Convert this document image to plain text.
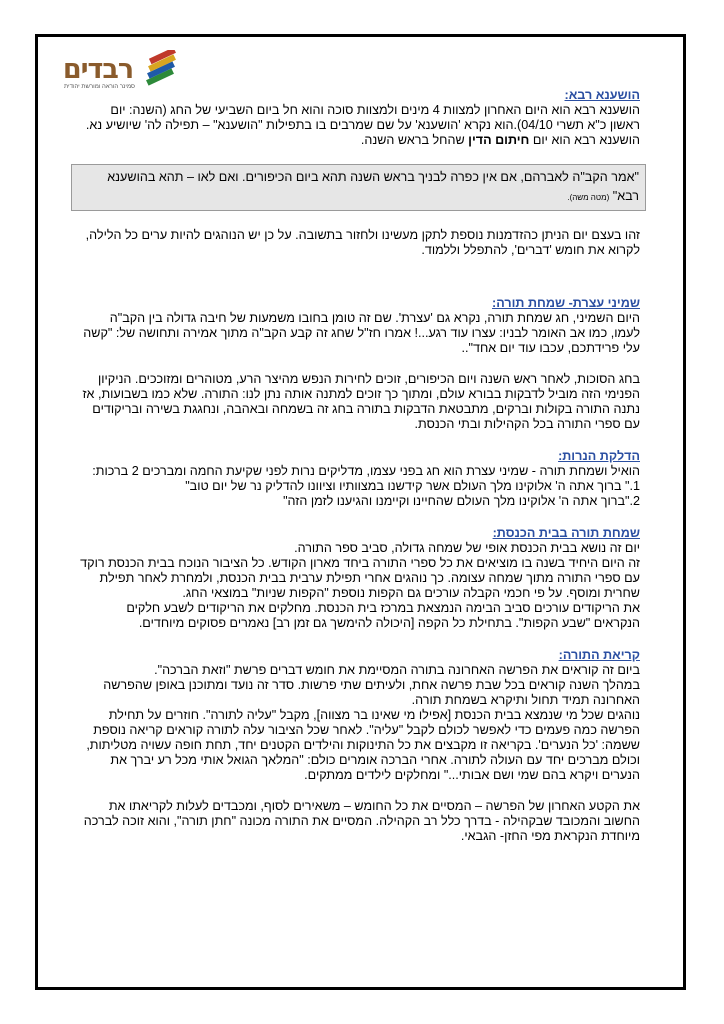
רבדים
סמינר הוראה ומורשת יהודית
הושענא רבא:

הושענא רבא הוא היום האחרון למצוות 4 מינים ולמצוות סוכה והוא חל ביום השביעי של החג (השנה: יום ראשון כ"א תשרי 04/10).הוא נקרא 'הושענא' על שם שמרבים בו בתפילות "הושענא" – תפילה לה' שיושיע נא. הושענא רבא הוא יום חיתום הדין שהחל בראש השנה.

"אמר הקב"ה לאברהם, אם אין כפרה לבניך בראש השנה תהא ביום הכיפורים. ואם לאו – תהא בהושענא רבא" (מטה משה).

זהו בעצם יום הניתן כהזדמנות נוספת לתקן מעשינו ולחזור בתשובה. על כן יש הנוהגים להיות ערים כל הלילה, לקרוא את חומש 'דברים', להתפלל וללמוד.

שמיני עצרת- שמחת תורה:

היום השמיני, חג שמחת תורה, נקרא גם 'עצרת'. שם זה טומן בחובו משמעות של חיבה גדולה בין הקב"ה לעמו, כמו אב האומר לבניו: עצרו עוד רגע...! אמרו חז"ל שחג זה קבע הקב"ה מתוך אמירה ותחושה של: "קשה עלי פרידתכם, עכבו עוד יום אחד"..

בחג הסוכות, לאחר ראש השנה ויום הכיפורים, זוכים לחירות הנפש מהיצר הרע, מטוהרים ומזוככים. הניקיון הפנימי הזה מוביל לדבקות בבורא עולם, ומתוך כך זוכים למתנה אותה נתן לנו: התורה. שלא כמו בשבועות, אז נתנה התורה בקולות וברקים, מתבטאת הדבקות בתורה בחג זה בשמחה ובאהבה, ונחגגת בשירה ובריקודים עם ספרי התורה בכל הקהילות ובתי הכנסת.

הדלקת הנרות:

הואיל ושמחת תורה - שמיני עצרת הוא חג בפני עצמו, מדליקים נרות לפני שקיעת החמה ומברכים 2 ברכות:

1." ברוך אתה ה' אלוקינו מלך העולם אשר קידשנו במצוותיו וציוונו להדליק נר של יום טוב"

2."ברוך אתה ה' אלוקינו מלך העולם שהחיינו וקיימנו והגיענו לזמן הזה"

שמחת תורה בבית הכנסת:

יום זה נושא בבית הכנסת אופי של שמחה גדולה, סביב ספר התורה.

זה היום היחיד בשנה בו מוציאים את כל ספרי התורה ביחד מארון הקודש. כל הציבור הנוכח בבית הכנסת רוקד עם ספרי התורה מתוך שמחה עצומה. כך נוהגים אחרי תפילת ערבית בבית הכנסת, ולמחרת לאחר תפילת שחרית ומוסף. על פי חכמי הקבלה עורכים גם הקפות נוספת "הקפות שניות" במוצאי החג.

את הריקודים עורכים סביב הבימה הנמצאת במרכז בית הכנסת. מחלקים את הריקודים לשבע חלקים הנקראים "שבע הקפות". בתחילת כל הקפה [היכולה להימשך גם זמן רב] נאמרים פסוקים מיוחדים.

קריאת התורה:

ביום זה קוראים את הפרשה האחרונה בתורה המסיימת את חומש דברים פרשת "וזאת הברכה".

במהלך השנה קוראים בכל שבת פרשה אחת, ולעיתים שתי פרשות. סדר זה נועד ומתוכנן באופן שהפרשה האחרונה תמיד תחול ותיקרא בשמחת תורה.

נוהגים שכל מי שנמצא בבית הכנסת [אפילו מי שאינו בר מצווה], מקבל "עליה לתורה". חוזרים על תחילת הפרשה כמה פעמים כדי לאפשר לכולם לקבל "עליה". לאחר שכל הציבור עלה לתורה קוראים קריאה נוספת ששמה: 'כל הנערים'. בקריאה זו מקבצים את כל התינוקות והילדים הקטנים יחד, תחת חופה עשויה מטליתות, וכולם מברכים יחד עם העולה לתורה. אחרי הברכה אומרים כולם: "המלאך הגואל אותי מכל רע יברך את הנערים ויקרא בהם שמי ושם אבותי..." ומחלקים לילדים ממתקים.

את הקטע האחרון של הפרשה – המסיים את כל החומש – משאירים לסוף, ומכבדים לעלות לקריאתו את החשוב והמכובד שבקהילה - בדרך כלל רב הקהילה. המסיים את התורה מכונה "חתן תורה", והוא זוכה לברכה מיוחדת הנקראת מפי החזן- הגבאי.
